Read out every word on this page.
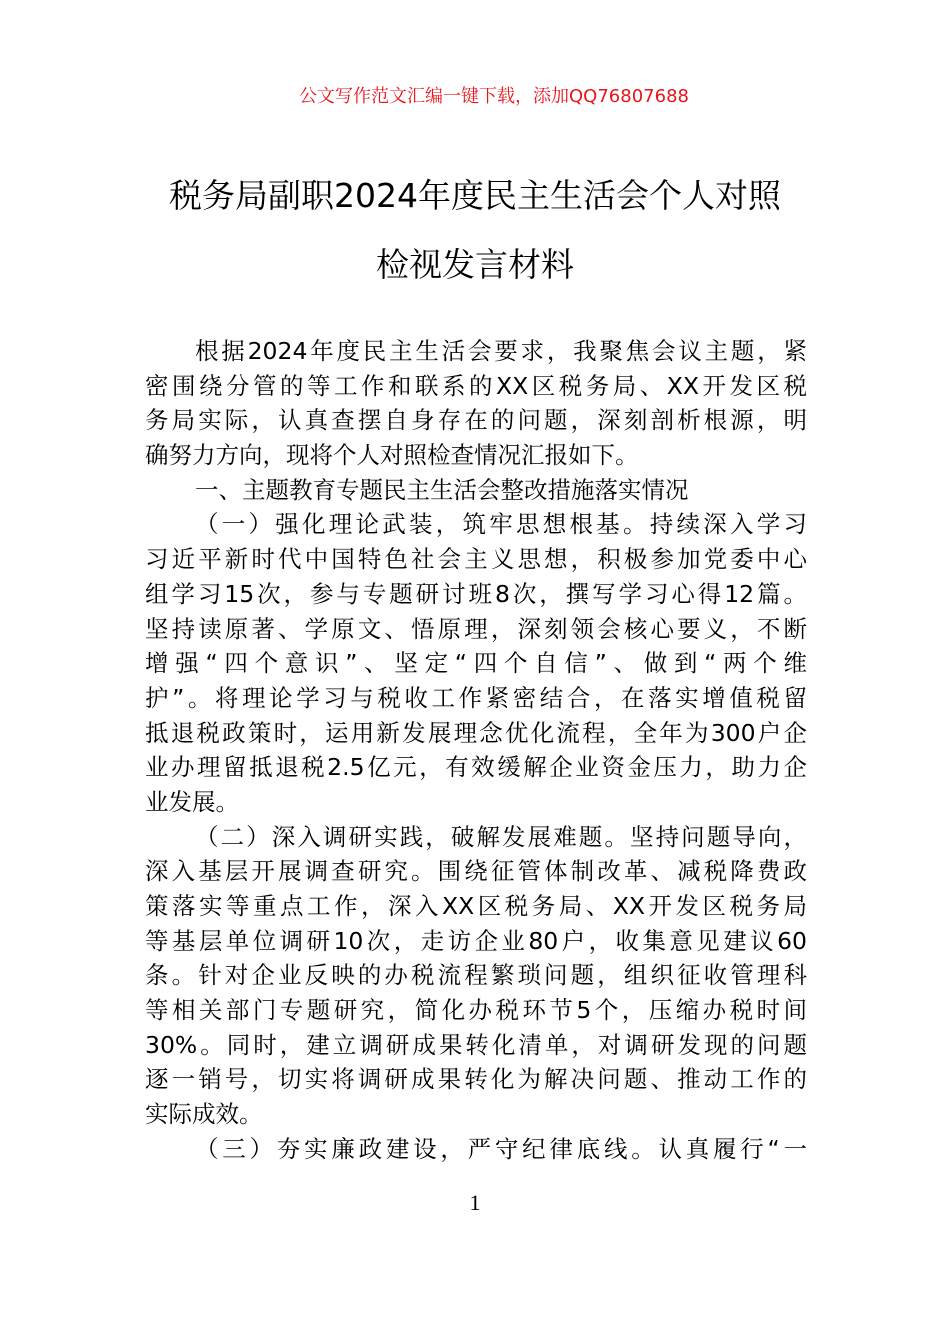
公文写作范文汇编一键下载，添加QQ76807688
税务局副职2024年度民主生活会个人对照
检视发言材料
根据2024年度民主生活会要求，我聚焦会议主题，紧
密围绕分管的等工作和联系的XX区税务局、XX开发区税
务局实际，认真查摆自身存在的问题，深刻剖析根源，明
确努力方向，现将个人对照检查情况汇报如下。
一、主题教育专题民主生活会整改措施落实情况
（一）强化理论武装，筑牢思想根基。持续深入学习
习近平新时代中国特色社会主义思想，积极参加党委中心
组学习15次，参与专题研讨班8次，撰写学习心得12篇。
坚持读原著、学原文、悟原理，深刻领会核心要义，不断
增强“四个意识”、坚定“四个自信”、做到“两个维
护”。将理论学习与税收工作紧密结合，在落实增值税留
抵退税政策时，运用新发展理念优化流程，全年为300户企
业办理留抵退税2.5亿元，有效缓解企业资金压力，助力企
业发展。
（二）深入调研实践，破解发展难题。坚持问题导向，
深入基层开展调查研究。围绕征管体制改革、减税降费政
策落实等重点工作，深入XX区税务局、XX开发区税务局
等基层单位调研10次，走访企业80户，收集意见建议60
条。针对企业反映的办税流程繁琐问题，组织征收管理科
等相关部门专题研究，简化办税环节5个，压缩办税时间
30%。同时，建立调研成果转化清单，对调研发现的问题
逐一销号，切实将调研成果转化为解决问题、推动工作的
实际成效。
（三）夯实廉政建设，严守纪律底线。认真履行“一
1
